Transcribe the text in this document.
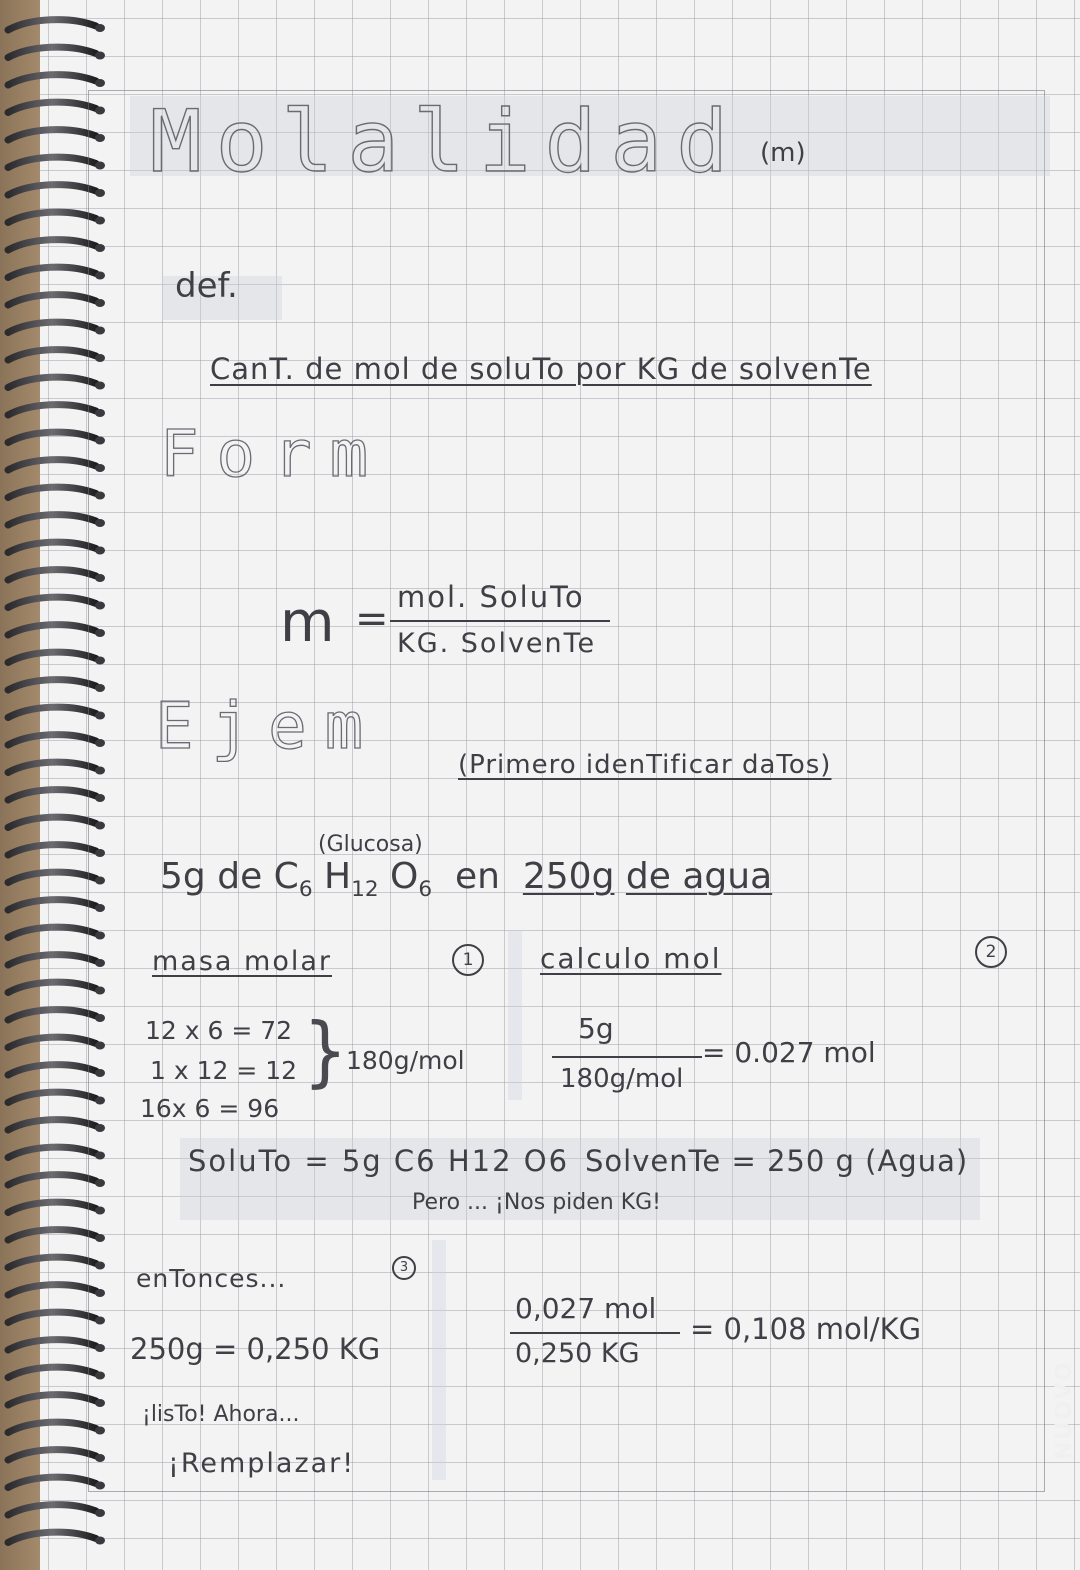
Molalidad (m)
def.
CanT. de mol de soluTo por KG de solvenTe
Form
m = mol. SoluTo
KG. SolvenTe
Ejem
(Primero idenTificar daTos)
(Glucosa)
5g de $C_6$ $H_{12}$ $O_6$ en 250g de agua
masa molar	1	calculo mol	2
12 x 6 = 72
1 x 12 = 12
16x 6 = 96
}
180g/mol
5g
180g/mol
= 0.027 mol
SoluTo = 5g C6 H12 O6 SolvenTe = 250 g (Agua)
Pero ... ¡Nos piden KG!
enTonces...	3
250g = 0,250 KG
¡lisTo! Ahora...
¡Remplazar!
0,027 mol
0,250 KG
= 0,108 mol/KG
NUOVO
